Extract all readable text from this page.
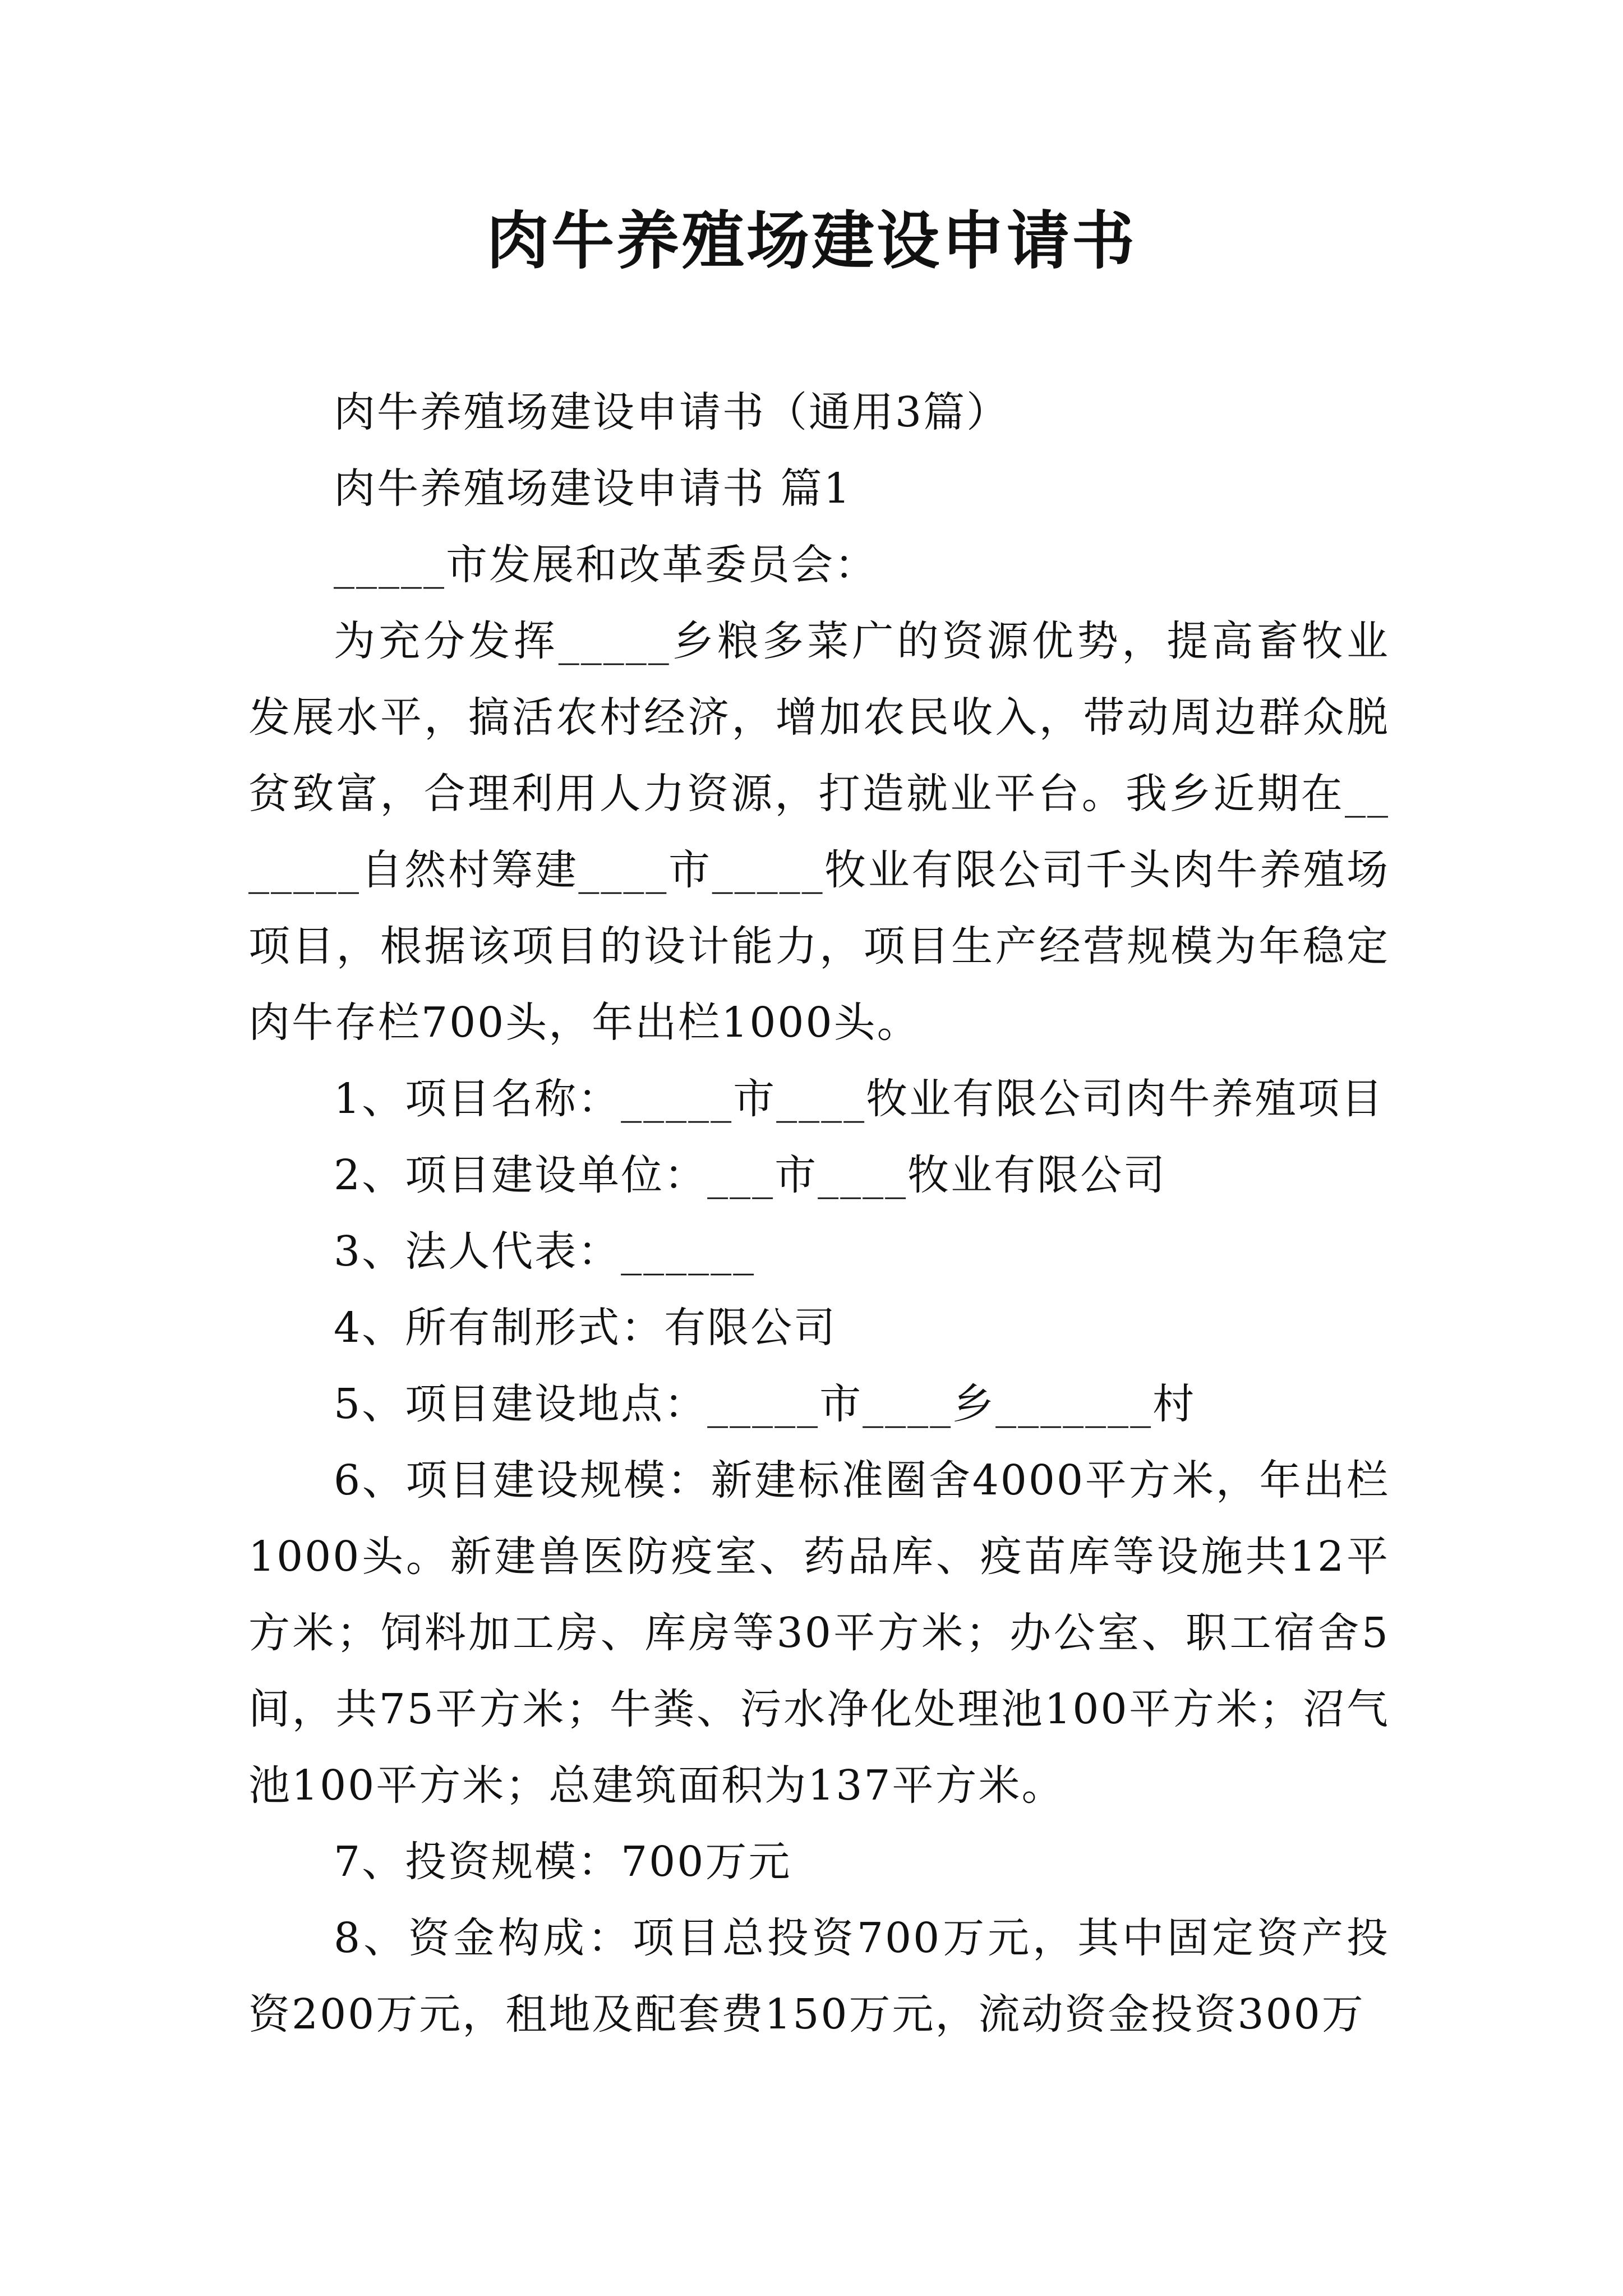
肉牛养殖场建设申请书

肉牛养殖场建设申请书（通用3篇）

肉牛养殖场建设申请书 篇1

_____市发展和改革委员会：

为充分发挥_____乡粮多菜广的资源优势，提高畜牧业发展水平，搞活农村经济，增加农民收入，带动周边群众脱贫致富，合理利用人力资源，打造就业平台。我乡近期在_______自然村筹建____市_____牧业有限公司千头肉牛养殖场项目，根据该项目的设计能力，项目生产经营规模为年稳定肉牛存栏700头，年出栏1000头。

1、项目名称：_____市____牧业有限公司肉牛养殖项目

2、项目建设单位：___市____牧业有限公司

3、法人代表：______

4、所有制形式：有限公司

5、项目建设地点：_____市____乡_______村

6、项目建设规模：新建标准圈舍4000平方米，年出栏1000头。新建兽医防疫室、药品库、疫苗库等设施共12平方米；饲料加工房、库房等30平方米；办公室、职工宿舍5间，共75平方米；牛粪、污水净化处理池100平方米；沼气池100平方米；总建筑面积为137平方米。

7、投资规模：700万元

8、资金构成：项目总投资700万元，其中固定资产投资200万元，租地及配套费150万元，流动资金投资300万
